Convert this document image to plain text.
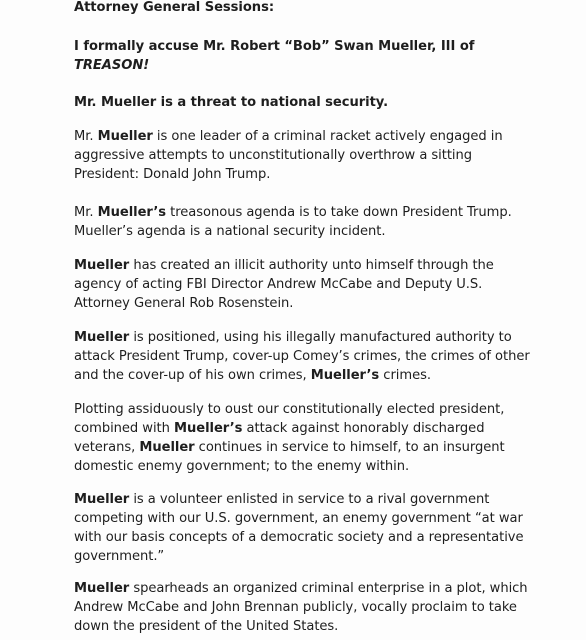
Attorney General Sessions:
I formally accuse Mr. Robert “Bob” Swan Mueller, III of
TREASON!
Mr. Mueller is a threat to national security.
Mr. Mueller is one leader of a criminal racket actively engaged in
aggressive attempts to unconstitutionally overthrow a sitting
President: Donald John Trump.
Mr. Mueller’s treasonous agenda is to take down President Trump.
Mueller’s agenda is a national security incident.
Mueller has created an illicit authority unto himself through the
agency of acting FBI Director Andrew McCabe and Deputy U.S.
Attorney General Rob Rosenstein.
Mueller is positioned, using his illegally manufactured authority to
attack President Trump, cover-up Comey’s crimes, the crimes of other
and the cover-up of his own crimes, Mueller’s crimes.
Plotting assiduously to oust our constitutionally elected president,
combined with Mueller’s attack against honorably discharged
veterans, Mueller continues in service to himself, to an insurgent
domestic enemy government; to the enemy within.
Mueller is a volunteer enlisted in service to a rival government
competing with our U.S. government, an enemy government “at war
with our basis concepts of a democratic society and a representative
government.”
Mueller spearheads an organized criminal enterprise in a plot, which
Andrew McCabe and John Brennan publicly, vocally proclaim to take
down the president of the United States.
